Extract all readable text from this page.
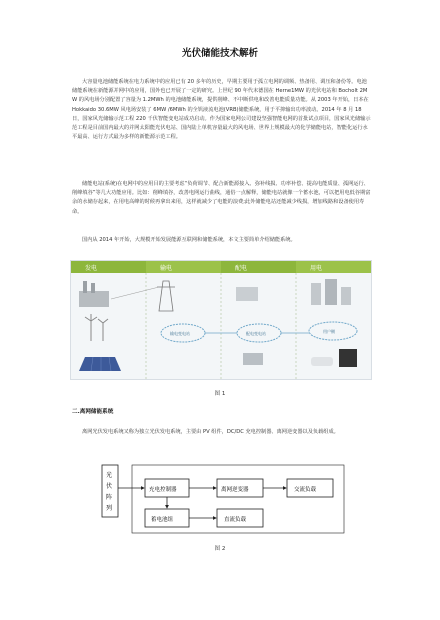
光伏储能技术解析
大容量电池储能系统在电力系统中的应用已有 20 多年的历史，早期主要用于孤立电网的调频、热备用、调压和备份等。电池储能系统在新能源并网中的应用，国外也已开展了一定的研究。上世纪 90 年代末德国在 Herne1MW 的光伏电站和 Bocholt 2MW 的风电场分别配置了容量为 1.2MWh 的电池储能系统，提供削峰、不中断供电和改善电能质量功能。从 2003 年开始，日本在 Hokkaido 30.6MW 风电场安装了 6MW /6MWh 的全钒液流电池(VRB)储能系统，用于平抑输出功率波动。2014 年 8 月 18 日，国家风光储输示范工程 220 千伏智能变电站成功启动。作为国家电网公司建设坚强智能电网的首批试点项目，国家风光储输示范工程是目前国内最大的并网太阳能光伏电站、国内陆上单机容量最大的风电场、世界上规模最大的化学储能电站，智能化运行水平最高、运行方式最为多样的新能源示范工程。
储能电站(系统)在电网中的应用目的主要考虑“负荷调节、配合新能源接入、弥补线损、功率补偿、提高电能质量、孤网运行、削峰填谷”等几大功能应用。比如：削峰填谷，改善电网运行曲线，通俗一点解释，储能电站就像一个蓄水池，可以把用电低谷期富余的水储存起来，在用电高峰的时候再拿出来用，这样就减少了电能的浪费;此外储能电站还能减少线损，增加线路和设备使用寿命。
国内从 2014 年开始，大规模开始发展能源互联网和储能系统，本文主要简单介绍储能系统。
发电	输电	配电	用电
输电变电站	配电变电站	用户侧
图 1
二.离网储能系统
离网光伏发电系统又称为独立光伏发电系统，主要由 PV 组件，DC/DC 充电控制器、离网逆变器以及负载组成。
光
伏
阵
列
充电控制器	离网逆变器	交流负载
蓄电池组	直流负载
图 2
